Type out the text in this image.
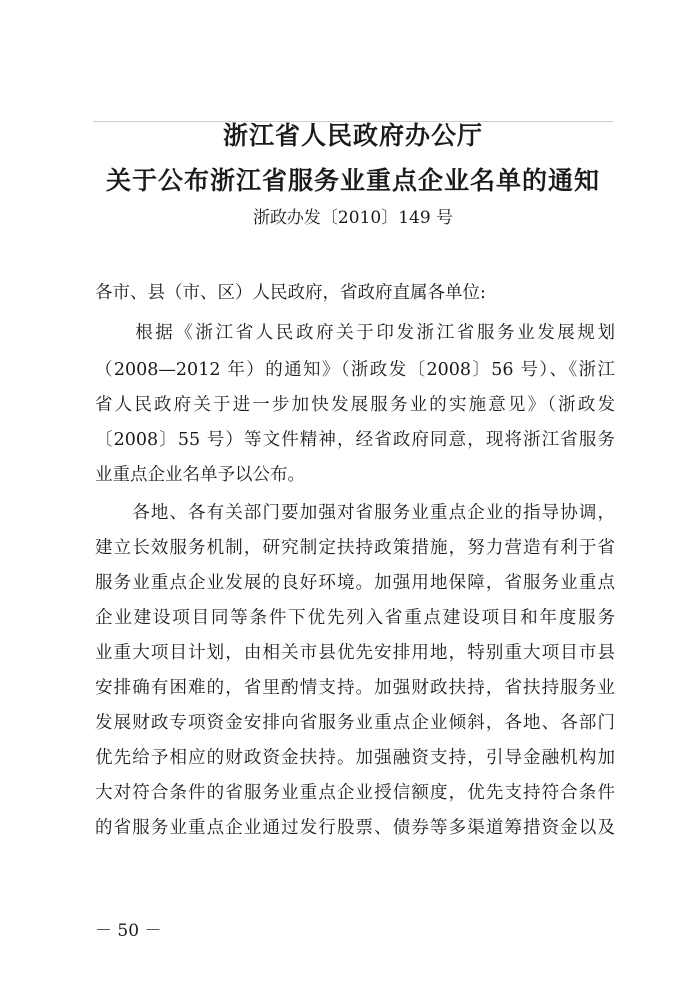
浙江省人民政府办公厅
关于公布浙江省服务业重点企业名单的通知
浙政办发〔2010〕149 号
各市、县（市、区）人民政府，省政府直属各单位:
　　根据《浙江省人民政府关于印发浙江省服务业发展规划
（2008—2012 年）的通知》（浙政发〔2008〕56 号）、《浙江
省人民政府关于进一步加快发展服务业的实施意见》（浙政发
〔2008〕55 号）等文件精神，经省政府同意，现将浙江省服务
业重点企业名单予以公布。
　　各地、各有关部门要加强对省服务业重点企业的指导协调，
建立长效服务机制，研究制定扶持政策措施，努力营造有利于省
服务业重点企业发展的良好环境。加强用地保障，省服务业重点
企业建设项目同等条件下优先列入省重点建设项目和年度服务
业重大项目计划，由相关市县优先安排用地，特别重大项目市县
安排确有困难的，省里酌情支持。加强财政扶持，省扶持服务业
发展财政专项资金安排向省服务业重点企业倾斜，各地、各部门
优先给予相应的财政资金扶持。加强融资支持，引导金融机构加
大对符合条件的省服务业重点企业授信额度，优先支持符合条件
的省服务业重点企业通过发行股票、债券等多渠道筹措资金以及
－ 50 －
